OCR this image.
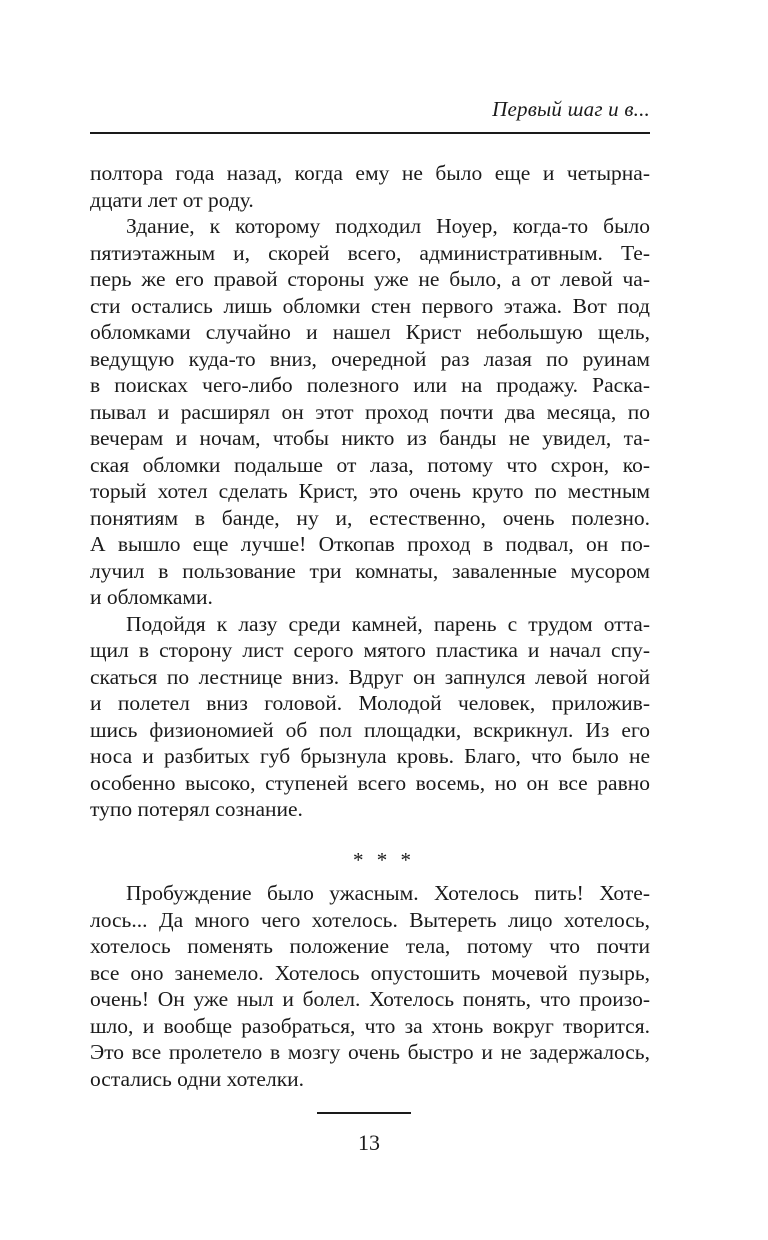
Первый шаг и в...
полтора года назад, когда ему не было еще и четырна-
дцати лет от роду.
Здание, к которому подходил Ноуер, когда-то было
пятиэтажным и, скорей всего, административным. Те-
перь же его правой стороны уже не было, а от левой ча-
сти остались лишь обломки стен первого этажа. Вот под
обломками случайно и нашел Крист небольшую щель,
ведущую куда-то вниз, очередной раз лазая по руинам
в поисках чего-либо полезного или на продажу. Раска-
пывал и расширял он этот проход почти два месяца, по
вечерам и ночам, чтобы никто из банды не увидел, та-
ская обломки подальше от лаза, потому что схрон, ко-
торый хотел сделать Крист, это очень круто по местным
понятиям в банде, ну и, естественно, очень полезно.
А вышло еще лучше! Откопав проход в подвал, он по-
лучил в пользование три комнаты, заваленные мусором
и обломками.
Подойдя к лазу среди камней, парень с трудом отта-
щил в сторону лист серого мятого пластика и начал спу-
скаться по лестнице вниз. Вдруг он запнулся левой ногой
и полетел вниз головой. Молодой человек, приложив-
шись физиономией об пол площадки, вскрикнул. Из его
носа и разбитых губ брызнула кровь. Благо, что было не
особенно высоко, ступеней всего восемь, но он все равно
тупо потерял сознание.
* * *
Пробуждение было ужасным. Хотелось пить! Хоте-
лось... Да много чего хотелось. Вытереть лицо хотелось,
хотелось поменять положение тела, потому что почти
все оно занемело. Хотелось опустошить мочевой пузырь,
очень! Он уже ныл и болел. Хотелось понять, что произо-
шло, и вообще разобраться, что за хтонь вокруг творится.
Это все пролетело в мозгу очень быстро и не задержалось,
остались одни хотелки.
13
